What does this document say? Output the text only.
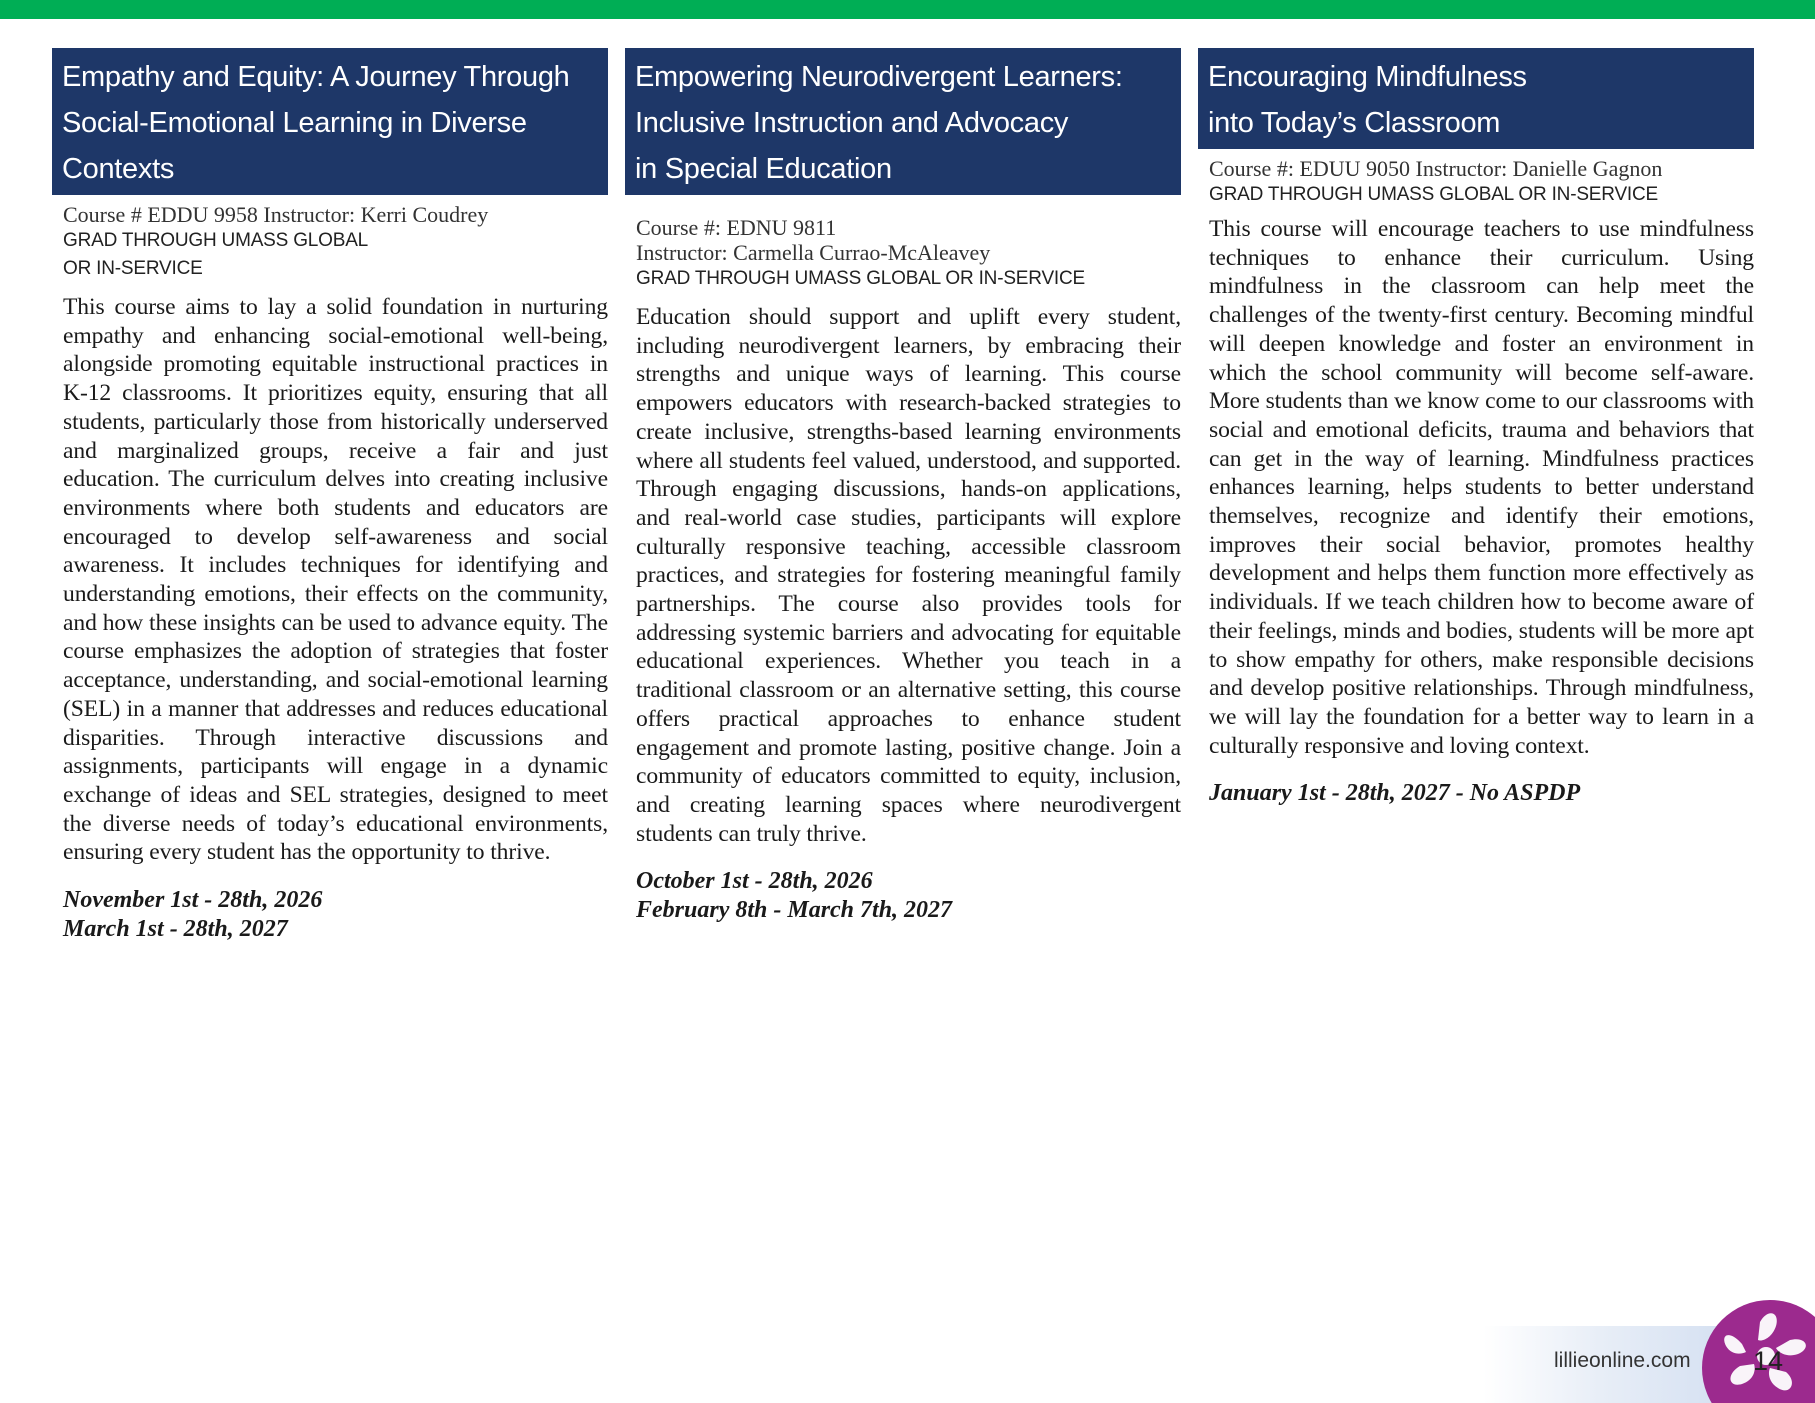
Empathy and Equity: A Journey Through
Social-Emotional Learning in Diverse Contexts
Course # EDDU 9958 Instructor: Kerri Coudrey
GRAD THROUGH UMASS GLOBAL
OR IN-SERVICE

This course aims to lay a solid foundation in nurturing empathy and enhancing social-emotional well-being, alongside promoting equitable instructional practices in K-12 classrooms. It prioritizes equity, ensuring that all students, particularly those from historically underserved and marginalized groups, receive a fair and just education. The curriculum delves into creating inclusive environments where both students and educators are encouraged to develop self-awareness and social awareness. It includes techniques for identifying and understanding emotions, their effects on the community, and how these insights can be used to advance equity. The course emphasizes the adoption of strategies that foster acceptance, understanding, and social-emotional learning (SEL) in a manner that addresses and reduces educational disparities. Through interactive discussions and assignments, participants will engage in a dynamic exchange of ideas and SEL strategies, designed to meet the diverse needs of today’s educational environments, ensuring every student has the opportunity to thrive.

November 1st - 28th, 2026
March 1st - 28th, 2027
Empowering Neurodivergent Learners:
Inclusive Instruction and Advocacy
in Special Education
Course #: EDNU 9811
Instructor: Carmella Currao-McAleavey
GRAD THROUGH UMASS GLOBAL OR IN-SERVICE

Education should support and uplift every student, including neurodivergent learners, by embracing their strengths and unique ways of learning. This course empowers educators with research-backed strategies to create inclusive, strengths-based learning environments where all students feel valued, understood, and supported. Through engaging discussions, hands-on applications, and real-world case studies, participants will explore culturally responsive teaching, accessible classroom practices, and strategies for fostering meaningful family partnerships. The course also provides tools for addressing systemic barriers and advocating for equitable educational experiences. Whether you teach in a traditional classroom or an alternative setting, this course offers practical approaches to enhance student engagement and promote lasting, positive change. Join a community of educators committed to equity, inclusion, and creating learning spaces where neurodivergent students can truly thrive.

October 1st - 28th, 2026
February 8th - March 7th, 2027
Encouraging Mindfulness
into Today’s Classroom
Course #: EDUU 9050 Instructor: Danielle Gagnon
GRAD THROUGH UMASS GLOBAL OR IN-SERVICE

This course will encourage teachers to use mindfulness techniques to enhance their curriculum. Using mindfulness in the classroom can help meet the challenges of the twenty-first century. Becoming mindful will deepen knowledge and foster an environment in which the school community will become self-aware. More students than we know come to our classrooms with social and emotional deficits, trauma and behaviors that can get in the way of learning. Mindfulness practices enhances learning, helps students to better understand themselves, recognize and identify their emotions, improves their social behavior, promotes healthy development and helps them function more effectively as individuals. If we teach children how to become aware of their feelings, minds and bodies, students will be more apt to show empathy for others, make responsible decisions and develop positive relationships. Through mindfulness, we will lay the foundation for a better way to learn in a culturally responsive and loving context.

January 1st - 28th, 2027 - No ASPDP
lillieonline.com 14
